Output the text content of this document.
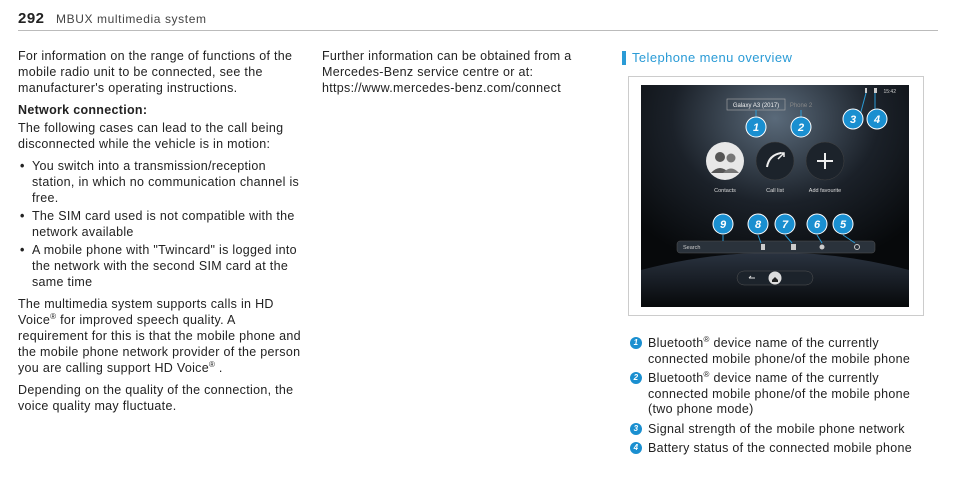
292 MBUX multimedia system

For information on the range of functions of the mobile radio unit to be connected, see the manufacturer's operating instructions.

Network connection:

The following cases can lead to the call being disconnected while the vehicle is in motion:

• You switch into a transmission/reception station, in which no communication channel is free.
• The SIM card used is not compatible with the network available
• A mobile phone with "Twincard" is logged into the network with the second SIM card at the same time

The multimedia system supports calls in HD Voice® for improved speech quality. A requirement for this is that the mobile phone and the mobile phone network provider of the person you are calling support HD Voice® .

Depending on the quality of the connection, the voice quality may fluctuate.

Further information can be obtained from a Mercedes-Benz service centre or at: https://www.mercedes-benz.com/connect

Telephone menu overview
15:42
Galaxy A3 (2017) Phone 2
Contacts	Call list	Add favourite
Search
1	2
3 4
5
6
7
8
9
1 Bluetooth® device name of the currently connected mobile phone/of the mobile phone
2 Bluetooth® device name of the currently connected mobile phone/of the mobile phone (two phone mode)
3 Signal strength of the mobile phone network
4 Battery status of the connected mobile phone
